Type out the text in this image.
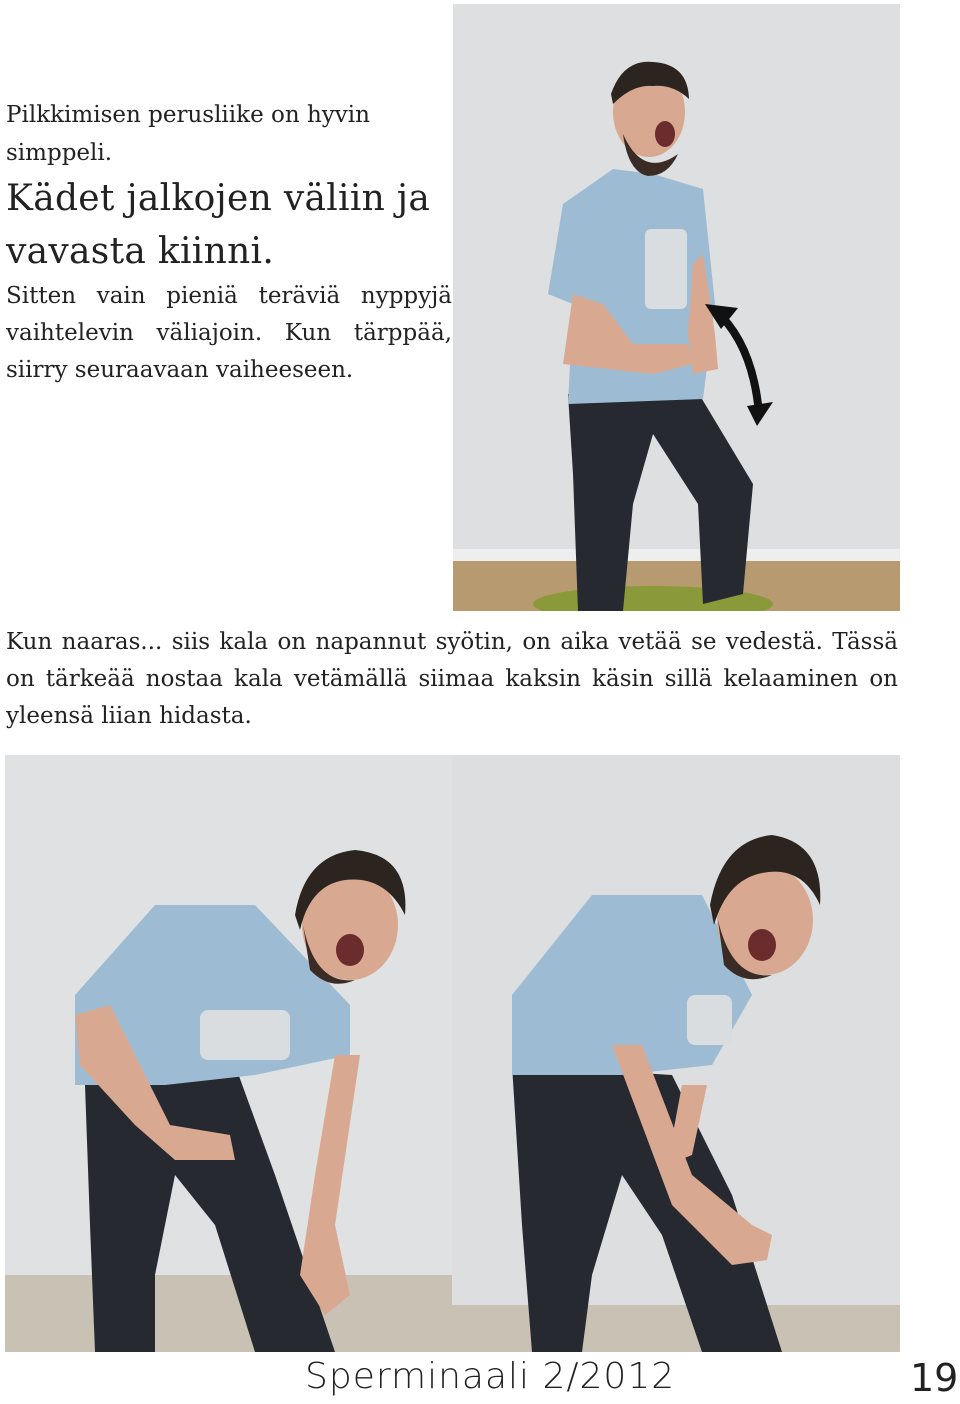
Pilkkimisen perusliike on hyvin simppeli.

Kädet jalkojen väliin ja vavasta kiinni.

Sitten vain pieniä teräviä nyppyjä vaihtelevin väliajoin. Kun tärppää, siirry seuraavaan vaiheeseen.

Kun naaras... siis kala on napannut syötin, on aika vetää se vedestä. Tässä on tärkeää nostaa kala vetämällä siimaa kaksin käsin sillä kelaaminen on yleensä liian hidasta.

Sperminaali 2/2012	19
